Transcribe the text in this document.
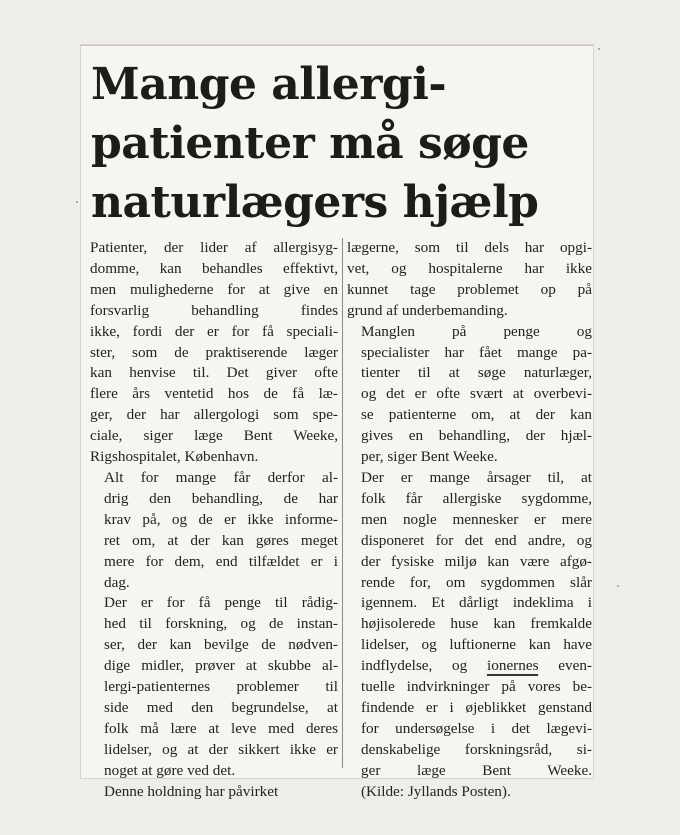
Mange allergi-
patienter må søge
naturlægers hjælp

Patienter, der lider af allergisyg-
domme, kan behandles effektivt,
men mulighederne for at give en
forsvarlig behandling findes
ikke, fordi der er for få speciali-
ster, som de praktiserende læger
kan henvise til. Det giver ofte
flere års ventetid hos de få læ-
ger, der har allergologi som spe-
ciale, siger læge Bent Weeke,
Rigshospitalet, København.

Alt for mange får derfor al-
drig den behandling, de har
krav på, og de er ikke informe-
ret om, at der kan gøres meget
mere for dem, end tilfældet er i
dag.

Der er for få penge til rådig-
hed til forskning, og de instan-
ser, der kan bevilge de nødven-
dige midler, prøver at skubbe al-
lergi-patienternes problemer til
side med den begrundelse, at
folk må lære at leve med deres
lidelser, og at der sikkert ikke er
noget at gøre ved det.

Denne holdning har påvirket

lægerne, som til dels har opgi-
vet, og hospitalerne har ikke
kunnet tage problemet op på
grund af underbemanding.

Manglen på penge og
specialister har fået mange pa-
tienter til at søge naturlæger,
og det er ofte svært at overbevi-
se patienterne om, at der kan
gives en behandling, der hjæl-
per, siger Bent Weeke.

Der er mange årsager til, at
folk får allergiske sygdomme,
men nogle mennesker er mere
disponeret for det end andre, og
der fysiske miljø kan være afgø-
rende for, om sygdommen slår
igennem. Et dårligt indeklima i
højisolerede huse kan fremkalde
lidelser, og luftionerne kan have
indflydelse, og ionernes even-
tuelle indvirkninger på vores be-
findende er i øjeblikket genstand
for undersøgelse i det lægevi-
denskabelige forskningsråd, si-
ger læge Bent Weeke.
(Kilde: Jyllands Posten).
